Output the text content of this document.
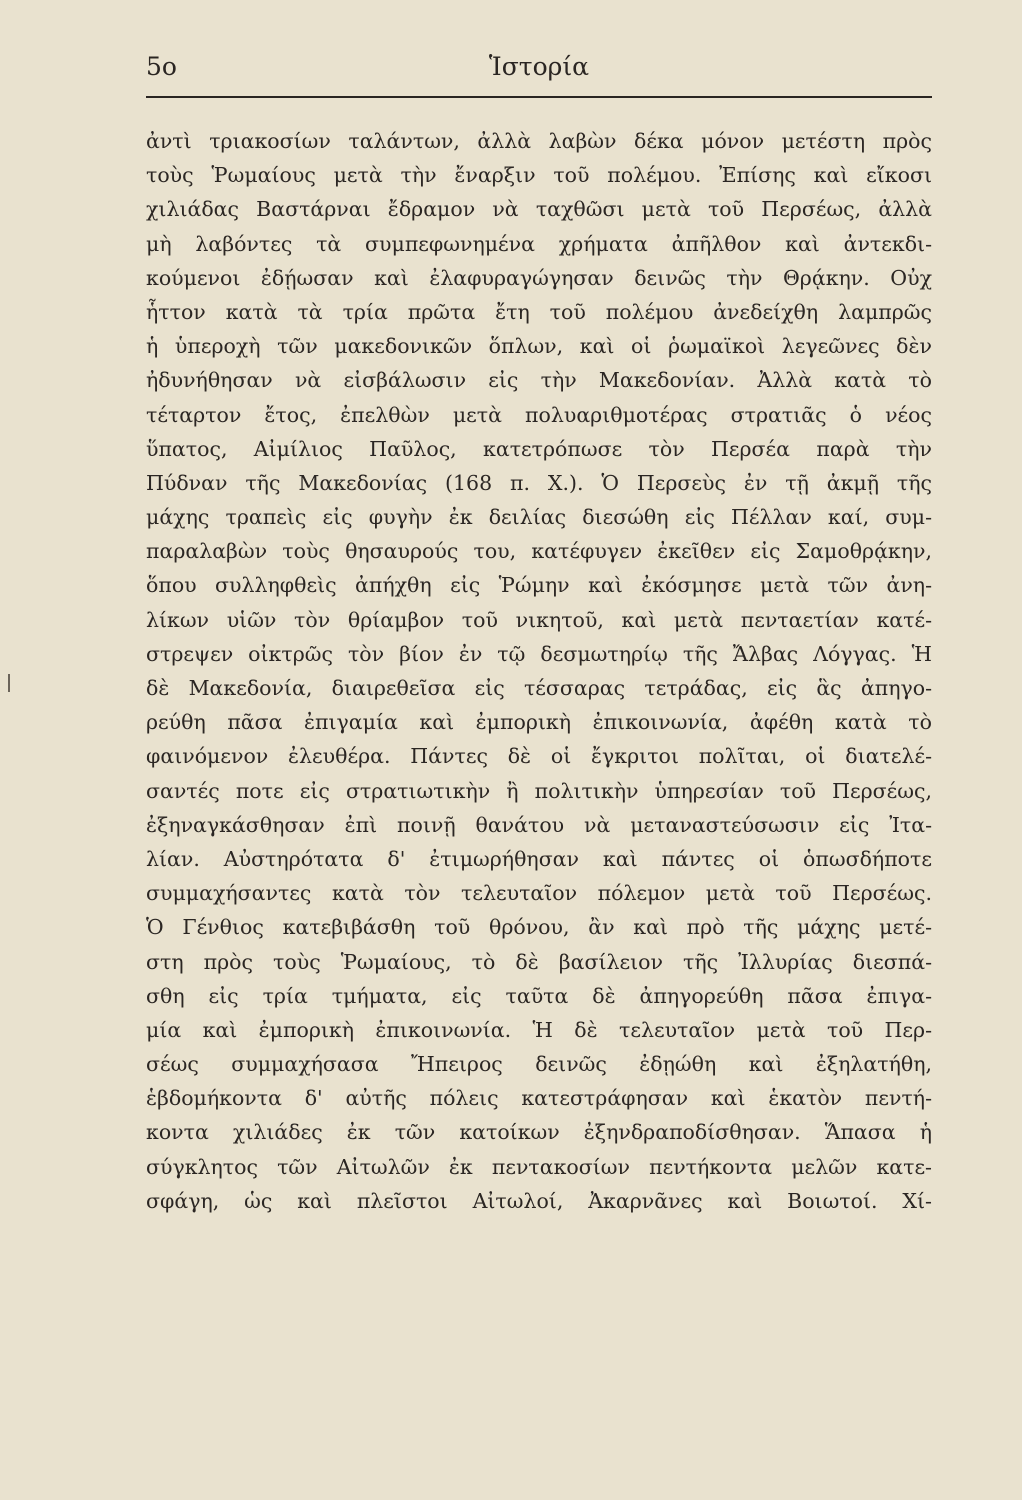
5ο	Ἱστορία
ἀντὶ τριακοσίων ταλάντων, ἀλλὰ λαβὼν δέκα μόνον μετέστη πρὸς
τοὺς Ῥωμαίους μετὰ τὴν ἔναρξιν τοῦ πολέμου. Ἐπίσης καὶ εἴκοσι
χιλιάδας Βαστάρναι ἔδραμον νὰ ταχθῶσι μετὰ τοῦ Περσέως, ἀλλὰ
μὴ λαβόντες τὰ συμπεφωνημένα χρήματα ἀπῆλθον καὶ ἀντεκδι-
κούμενοι ἐδῄωσαν καὶ ἐλαφυραγώγησαν δεινῶς τὴν Θρᾴκην. Οὐχ
ἧττον κατὰ τὰ τρία πρῶτα ἔτη τοῦ πολέμου ἀνεδείχθη λαμπρῶς
ἡ ὑπεροχὴ τῶν μακεδονικῶν ὅπλων, καὶ οἱ ῥωμαϊκοὶ λεγεῶνες δὲν
ἠδυνήθησαν νὰ εἰσβάλωσιν εἰς τὴν Μακεδονίαν. Ἀλλὰ κατὰ τὸ
τέταρτον ἔτος, ἐπελθὼν μετὰ πολυαριθμοτέρας στρατιᾶς ὁ νέος
ὕπατος, Αἰμίλιος Παῦλος, κατετρόπωσε τὸν Περσέα παρὰ τὴν
Πύδναν τῆς Μακεδονίας (168 π. Χ.). Ὁ Περσεὺς ἐν τῇ ἀκμῇ τῆς
μάχης τραπεὶς εἰς φυγὴν ἐκ δειλίας διεσώθη εἰς Πέλλαν καί, συμ-
παραλαβὼν τοὺς θησαυρούς του, κατέφυγεν ἐκεῖθεν εἰς Σαμοθρᾴκην,
ὅπου συλληφθεὶς ἀπήχθη εἰς Ῥώμην καὶ ἐκόσμησε μετὰ τῶν ἀνη-
λίκων υἱῶν τὸν θρίαμβον τοῦ νικητοῦ, καὶ μετὰ πενταετίαν κατέ-
στρεψεν οἰκτρῶς τὸν βίον ἐν τῷ δεσμωτηρίῳ τῆς Ἄλβας Λόγγας. Ἡ
δὲ Μακεδονία, διαιρεθεῖσα εἰς τέσσαρας τετράδας, εἰς ἃς ἀπηγο-
ρεύθη πᾶσα ἐπιγαμία καὶ ἐμπορικὴ ἐπικοινωνία, ἀφέθη κατὰ τὸ
φαινόμενον ἐλευθέρα. Πάντες δὲ οἱ ἔγκριτοι πολῖται, οἱ διατελέ-
σαντές ποτε εἰς στρατιωτικὴν ἢ πολιτικὴν ὑπηρεσίαν τοῦ Περσέως,
ἐξηναγκάσθησαν ἐπὶ ποινῇ θανάτου νὰ μεταναστεύσωσιν εἰς Ἰτα-
λίαν. Αὐστηρότατα δ' ἐτιμωρήθησαν καὶ πάντες οἱ ὁπωσδήποτε
συμμαχήσαντες κατὰ τὸν τελευταῖον πόλεμον μετὰ τοῦ Περσέως.
Ὁ Γένθιος κατεβιβάσθη τοῦ θρόνου, ἂν καὶ πρὸ τῆς μάχης μετέ-
στη πρὸς τοὺς Ῥωμαίους, τὸ δὲ βασίλειον τῆς Ἰλλυρίας διεσπά-
σθη εἰς τρία τμήματα, εἰς ταῦτα δὲ ἀπηγορεύθη πᾶσα ἐπιγα-
μία καὶ ἐμπορικὴ ἐπικοινωνία. Ἡ δὲ τελευταῖον μετὰ τοῦ Περ-
σέως συμμαχήσασα Ἤπειρος δεινῶς ἐδῃώθη καὶ ἐξηλατήθη,
ἑβδομήκοντα δ' αὐτῆς πόλεις κατεστράφησαν καὶ ἑκατὸν πεντή-
κοντα χιλιάδες ἐκ τῶν κατοίκων ἐξηνδραποδίσθησαν. Ἅπασα ἡ
σύγκλητος τῶν Αἰτωλῶν ἐκ πεντακοσίων πεντήκοντα μελῶν κατε-
σφάγη, ὡς καὶ πλεῖστοι Αἰτωλοί, Ἀκαρνᾶνες καὶ Βοιωτοί. Χί-
